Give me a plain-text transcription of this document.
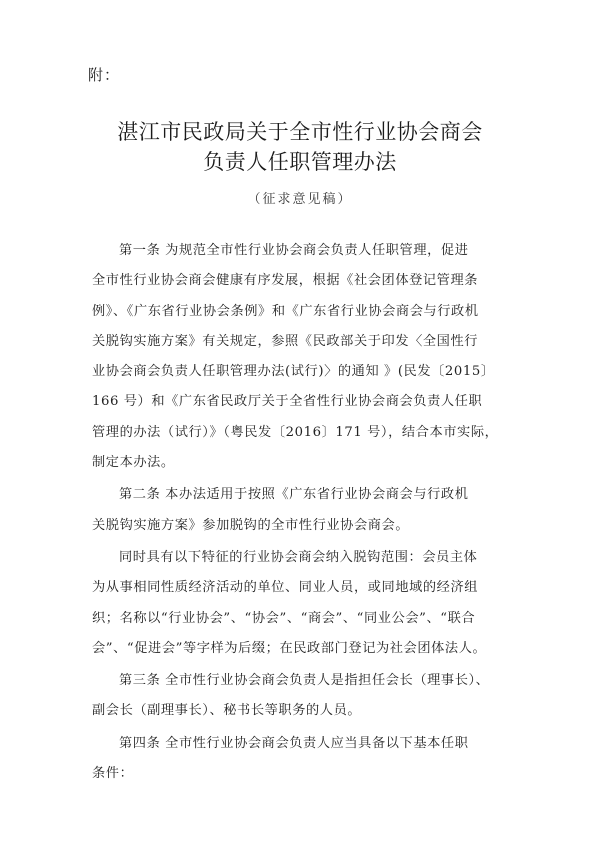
附：
湛江市民政局关于全市性行业协会商会
负责人任职管理办法
（征求意见稿）
第一条 为规范全市性行业协会商会负责人任职管理，促进
全市性行业协会商会健康有序发展，根据《社会团体登记管理条
例》、《广东省行业协会条例》和《广东省行业协会商会与行政机
关脱钩实施方案》有关规定，参照《民政部关于印发〈全国性行
业协会商会负责人任职管理办法(试行)〉的通知 》(民发〔2015〕
166 号）和《广东省民政厅关于全省性行业协会商会负责人任职
管理的办法（试行）》（粤民发〔2016〕171 号），结合本市实际，
制定本办法。
第二条 本办法适用于按照《广东省行业协会商会与行政机
关脱钩实施方案》参加脱钩的全市性行业协会商会。
同时具有以下特征的行业协会商会纳入脱钩范围：会员主体
为从事相同性质经济活动的单位、同业人员，或同地域的经济组
织；名称以“行业协会”、“协会”、“商会”、“同业公会”、“联合
会”、“促进会”等字样为后缀；在民政部门登记为社会团体法人。
第三条 全市性行业协会商会负责人是指担任会长（理事长）、
副会长（副理事长）、秘书长等职务的人员。
第四条 全市性行业协会商会负责人应当具备以下基本任职
条件：
